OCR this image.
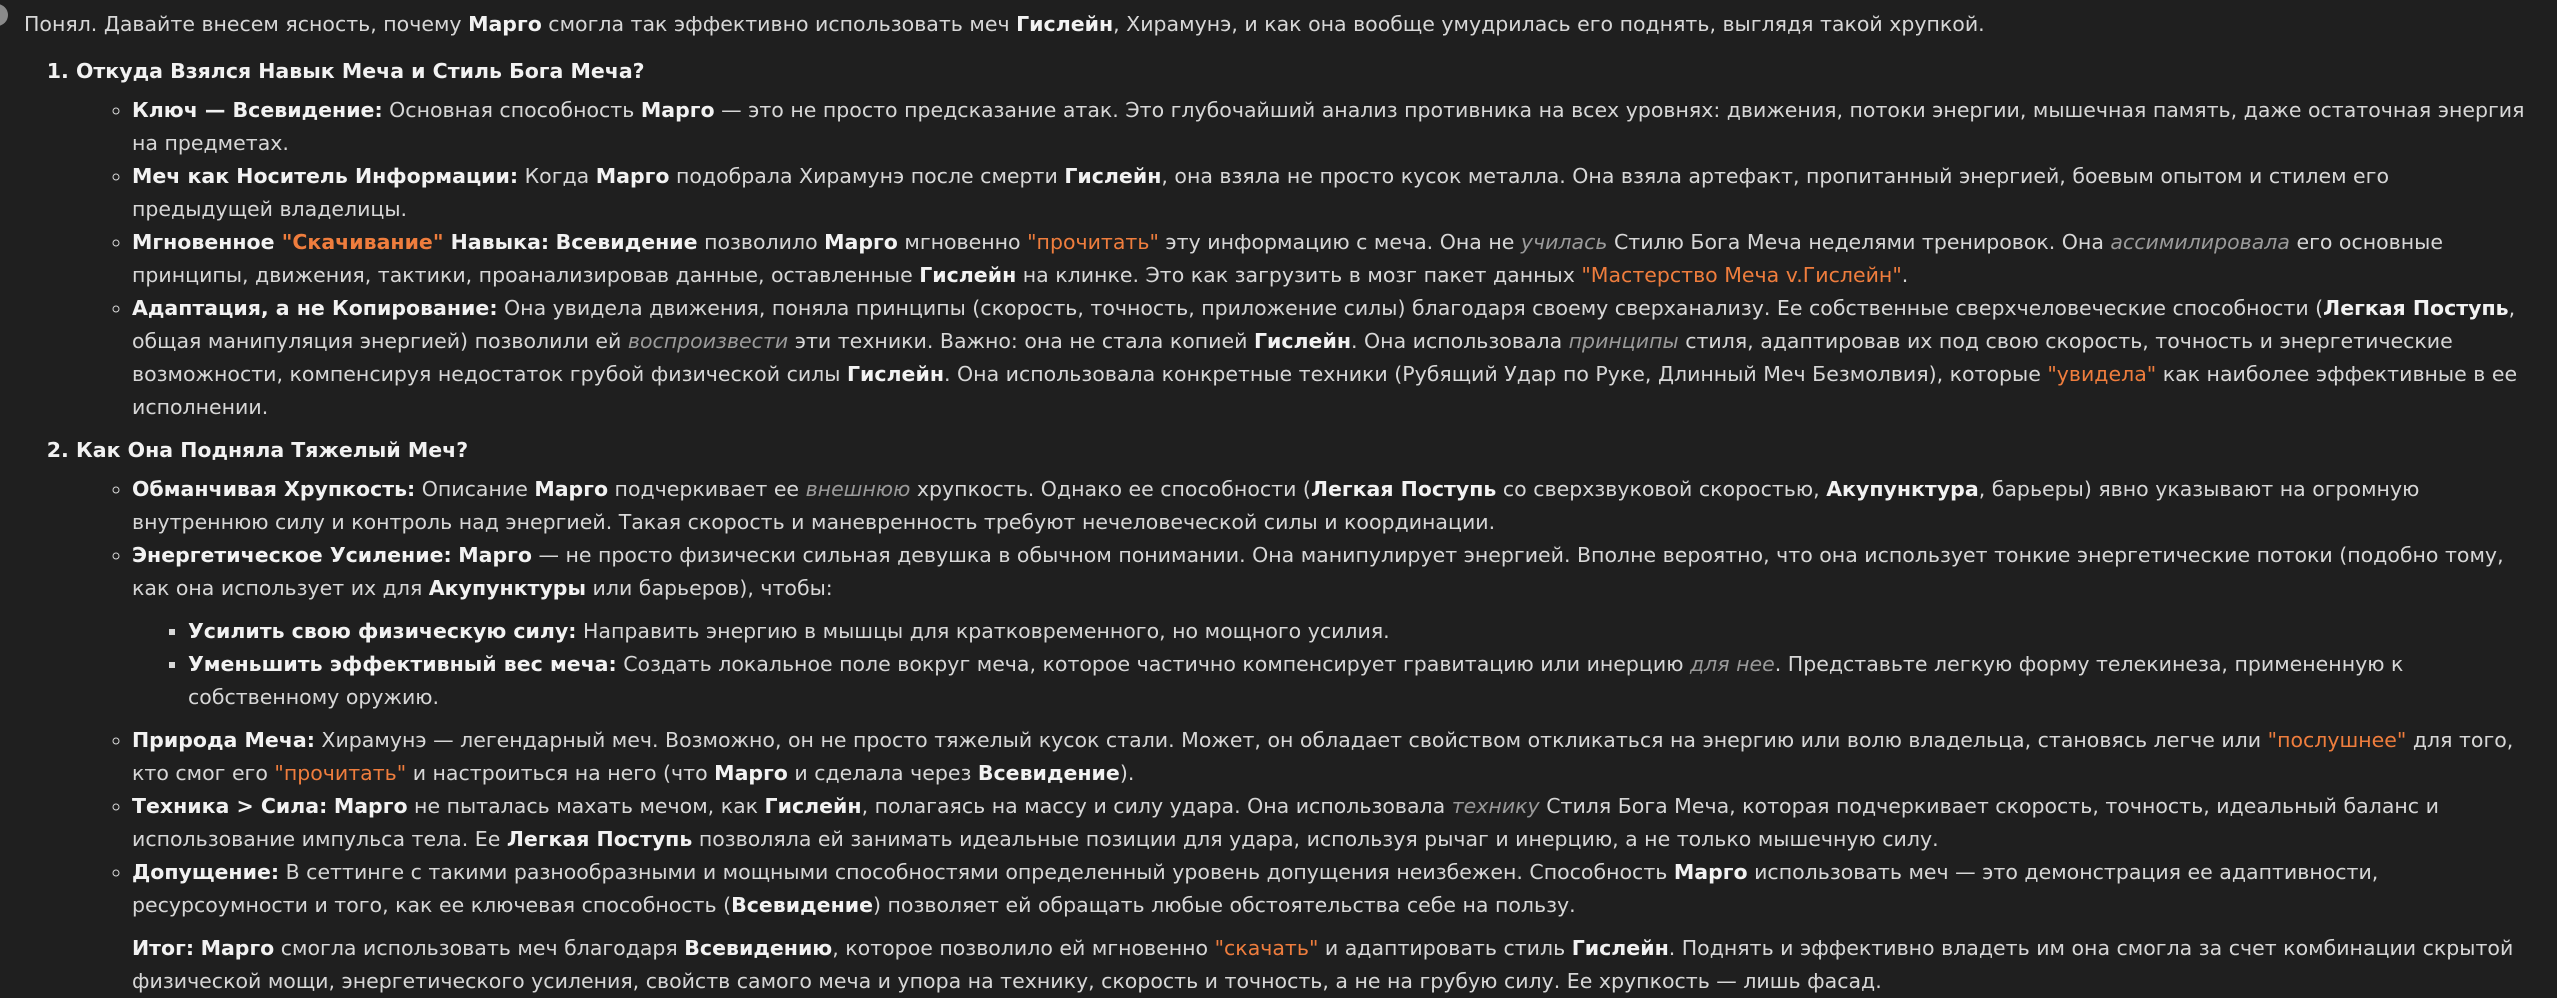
Понял. Давайте внесем ясность, почему Марго смогла так эффективно использовать меч Гислейн, Хирамунэ, и как она вообще умудрилась его поднять, выглядя такой хрупкой.

1. Откуда Взялся Навык Меча и Стиль Бога Меча?
◦ Ключ — Всевидение: Основная способность Марго — это не просто предсказание атак. Это глубочайший анализ противника на всех уровнях: движения, потоки энергии, мышечная память, даже остаточная энергия на предметах.
◦ Меч как Носитель Информации: Когда Марго подобрала Хирамунэ после смерти Гислейн, она взяла не просто кусок металла. Она взяла артефакт, пропитанный энергией, боевым опытом и стилем его предыдущей владелицы.
◦ Мгновенное "Скачивание" Навыка: Всевидение позволило Марго мгновенно "прочитать" эту информацию с меча. Она не училась Стилю Бога Меча неделями тренировок. Она ассимилировала его основные принципы, движения, тактики, проанализировав данные, оставленные Гислейн на клинке. Это как загрузить в мозг пакет данных "Мастерство Меча v.Гислейн".
◦ Адаптация, а не Копирование: Она увидела движения, поняла принципы (скорость, точность, приложение силы) благодаря своему сверханализу. Ее собственные сверхчеловеческие способности (Легкая Поступь, общая манипуляция энергией) позволили ей воспроизвести эти техники. Важно: она не стала копией Гислейн. Она использовала принципы стиля, адаптировав их под свою скорость, точность и энергетические возможности, компенсируя недостаток грубой физической силы Гислейн. Она использовала конкретные техники (Рубящий Удар по Руке, Длинный Меч Безмолвия), которые "увидела" как наиболее эффективные в ее исполнении.
2. Как Она Подняла Тяжелый Меч?
◦ Обманчивая Хрупкость: Описание Марго подчеркивает ее внешнюю хрупкость. Однако ее способности (Легкая Поступь со сверхзвуковой скоростью, Акупунктура, барьеры) явно указывают на огромную внутреннюю силу и контроль над энергией. Такая скорость и маневренность требуют нечеловеческой силы и координации.
◦ Энергетическое Усиление: Марго — не просто физически сильная девушка в обычном понимании. Она манипулирует энергией. Вполне вероятно, что она использует тонкие энергетические потоки (подобно тому, как она использует их для Акупунктуры или барьеров), чтобы:
▪ Усилить свою физическую силу: Направить энергию в мышцы для кратковременного, но мощного усилия.
▪ Уменьшить эффективный вес меча: Создать локальное поле вокруг меча, которое частично компенсирует гравитацию или инерцию для нее. Представьте легкую форму телекинеза, примененную к собственному оружию.
◦ Природа Меча: Хирамунэ — легендарный меч. Возможно, он не просто тяжелый кусок стали. Может, он обладает свойством откликаться на энергию или волю владельца, становясь легче или "послушнее" для того, кто смог его "прочитать" и настроиться на него (что Марго и сделала через Всевидение).
◦ Техника > Сила: Марго не пыталась махать мечом, как Гислейн, полагаясь на массу и силу удара. Она использовала технику Стиля Бога Меча, которая подчеркивает скорость, точность, идеальный баланс и использование импульса тела. Ее Легкая Поступь позволяла ей занимать идеальные позиции для удара, используя рычаг и инерцию, а не только мышечную силу.
◦ Допущение: В сеттинге с такими разнообразными и мощными способностями определенный уровень допущения неизбежен. Способность Марго использовать меч — это демонстрация ее адаптивности, ресурсоумности и того, как ее ключевая способность (Всевидение) позволяет ей обращать любые обстоятельства себе на пользу.

Итог: Марго смогла использовать меч благодаря Всевидению, которое позволило ей мгновенно "скачать" и адаптировать стиль Гислейн. Поднять и эффективно владеть им она смогла за счет комбинации скрытой физической мощи, энергетического усиления, свойств самого меча и упора на технику, скорость и точность, а не на грубую силу. Ее хрупкость — лишь фасад.
